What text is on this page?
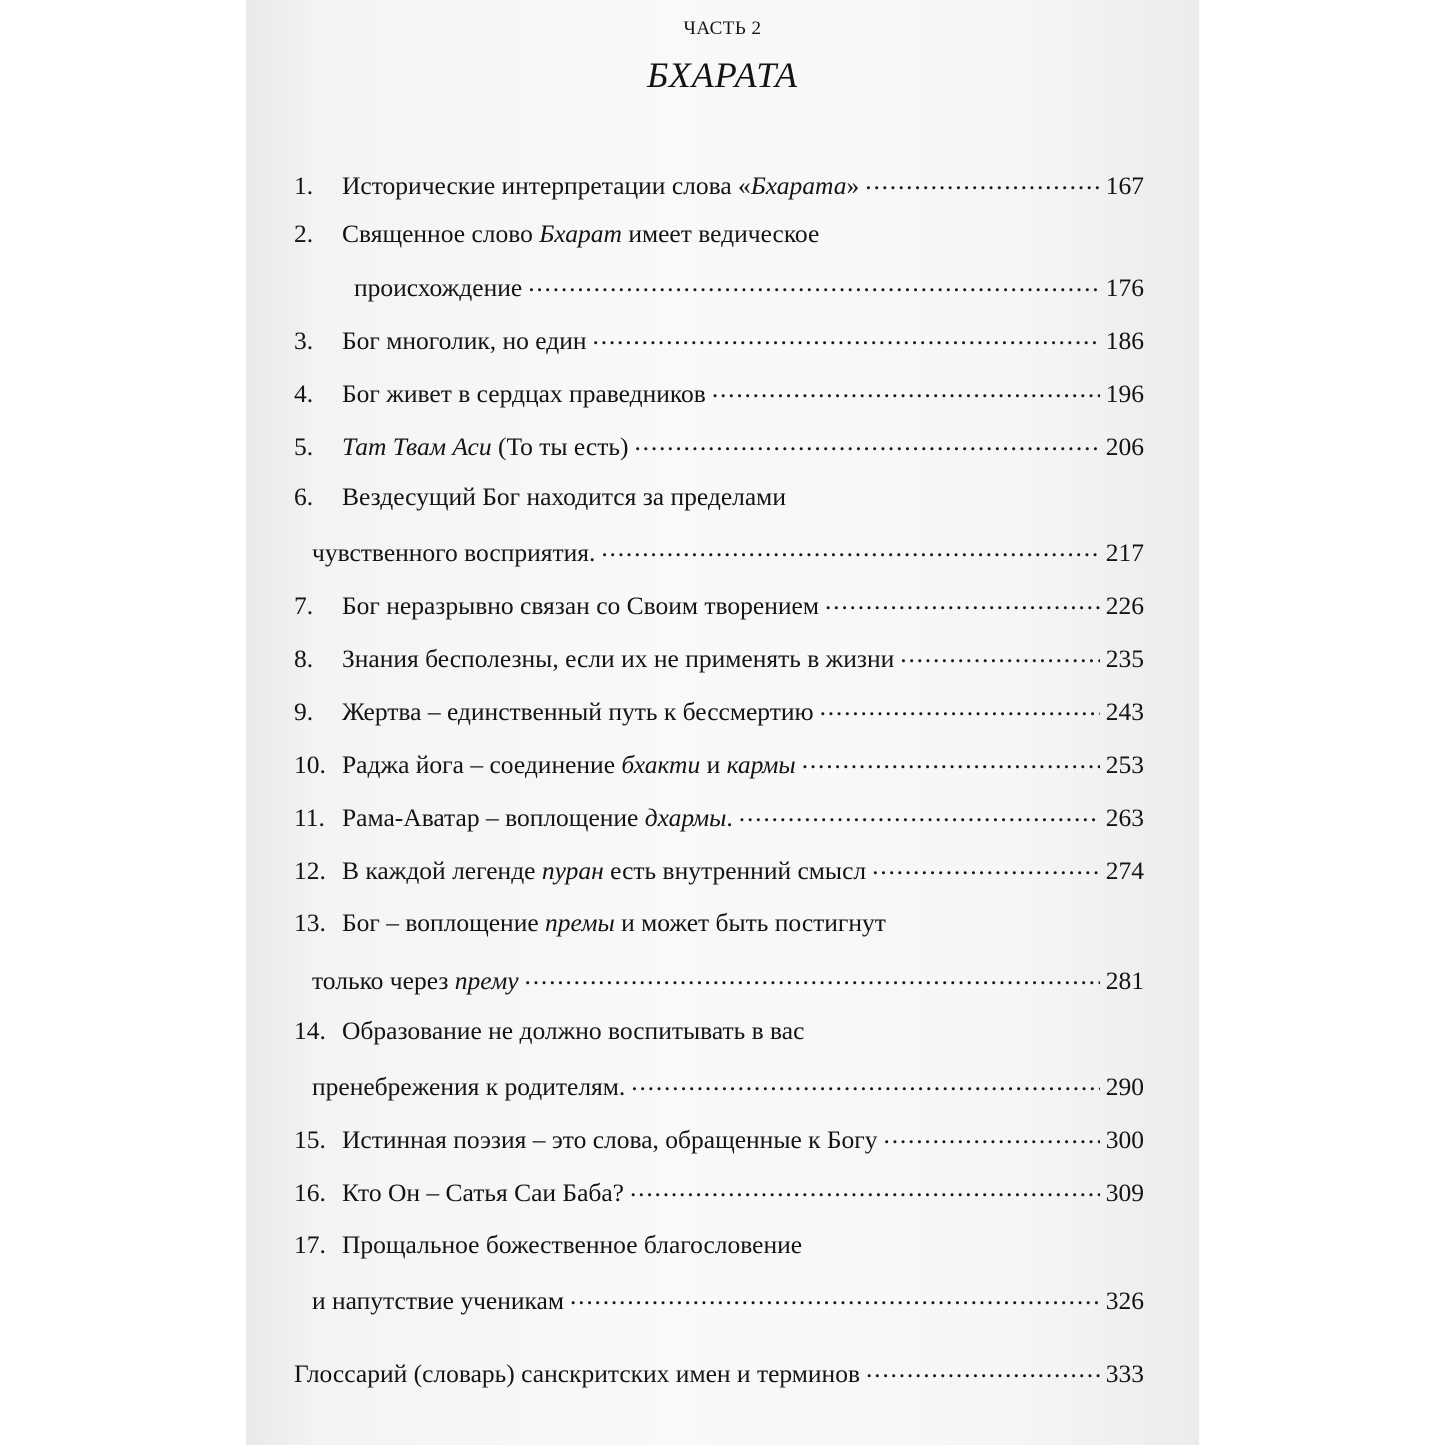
ЧАСТЬ 2
БХАРАТА
1.	Исторические интерпретации слова «Бхарата» .....	167
2.	Священное слово Бхарат имеет ведическое
происхождение .....	176
3.	Бог многолик, но един .....	186
4.	Бог живет в сердцах праведников .....	196
5.	Тат Твам Аси (То ты есть) .....	206
6.	Вездесущий Бог находится за пределами
чувственного восприятия. .....	217
7.	Бог неразрывно связан со Своим творением .....	226
8.	Знания бесполезны, если их не применять в жизни .....	235
9.	Жертва – единственный путь к бессмертию .....	243
10. Раджа йога – соединение бхакти и кармы .....	253
11. Рама-Аватар – воплощение дхармы. .....	263
12. В каждой легенде пуран есть внутренний смысл .....	274
13. Бог – воплощение премы и может быть постигнут
только через прему .....	281
14. Образование не должно воспитывать в вас
пренебрежения к родителям. .....	290
15. Истинная поэзия – это слова, обращенные к Богу .....	300
16. Кто Он – Сатья Саи Баба? .....	309
17. Прощальное божественное благословение
и напутствие ученикам .....	326
Глоссарий (словарь) санскритских имен и терминов .....	333
